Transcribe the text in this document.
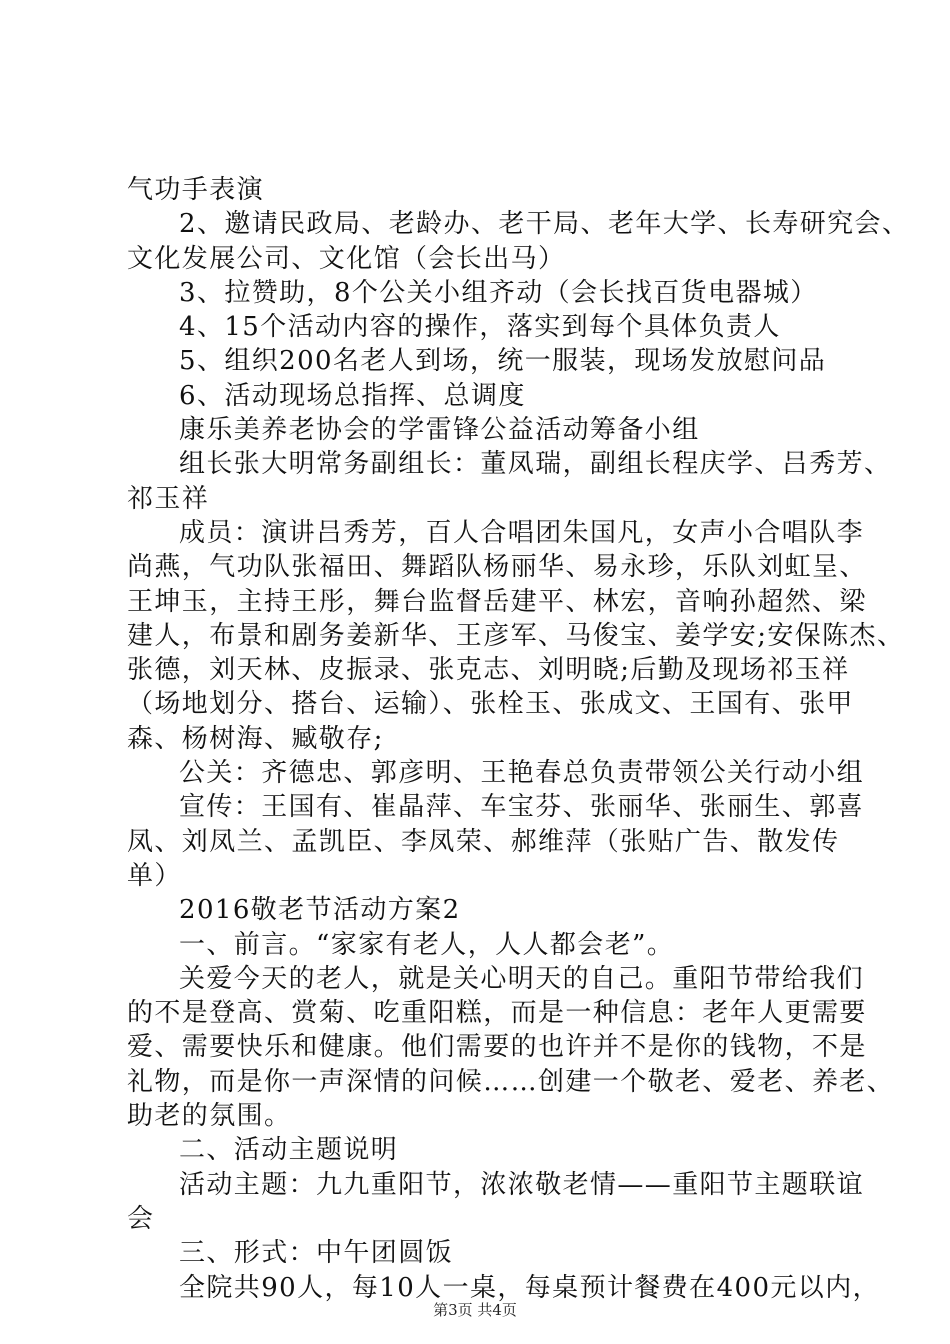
气功手表演
2、邀请民政局、老龄办、老干局、老年大学、长寿研究会、
文化发展公司、文化馆（会长出马）
3、拉赞助，8个公关小组齐动（会长找百货电器城）
4、15个活动内容的操作，落实到每个具体负责人
5、组织200名老人到场，统一服装，现场发放慰问品
6、活动现场总指挥、总调度
康乐美养老协会的学雷锋公益活动筹备小组
组长张大明常务副组长：董凤瑞，副组长程庆学、吕秀芳、
祁玉祥
成员：演讲吕秀芳，百人合唱团朱国凡，女声小合唱队李
尚燕，气功队张福田、舞蹈队杨丽华、易永珍，乐队刘虹呈、
王坤玉，主持王彤，舞台监督岳建平、林宏，音响孙超然、梁
建人，布景和剧务姜新华、王彦军、马俊宝、姜学安;安保陈杰、
张德，刘天林、皮振录、张克志、刘明晓;后勤及现场祁玉祥
（场地划分、搭台、运输）、张栓玉、张成文、王国有、张甲
森、杨树海、臧敬存;
公关：齐德忠、郭彦明、王艳春总负责带领公关行动小组
宣传：王国有、崔晶萍、车宝芬、张丽华、张丽生、郭喜
凤、刘凤兰、孟凯臣、李凤荣、郝维萍（张贴广告、散发传
单）
2016敬老节活动方案2
一、前言。“家家有老人，人人都会老”。
关爱今天的老人，就是关心明天的自己。重阳节带给我们
的不是登高、赏菊、吃重阳糕，而是一种信息：老年人更需要
爱、需要快乐和健康。他们需要的也许并不是你的钱物，不是
礼物，而是你一声深情的问候……创建一个敬老、爱老、养老、
助老的氛围。
二、活动主题说明
活动主题：九九重阳节，浓浓敬老情——重阳节主题联谊
会
三、形式：中午团圆饭
全院共90人，每10人一桌，每桌预计餐费在400元以内，
第3页 共4页
